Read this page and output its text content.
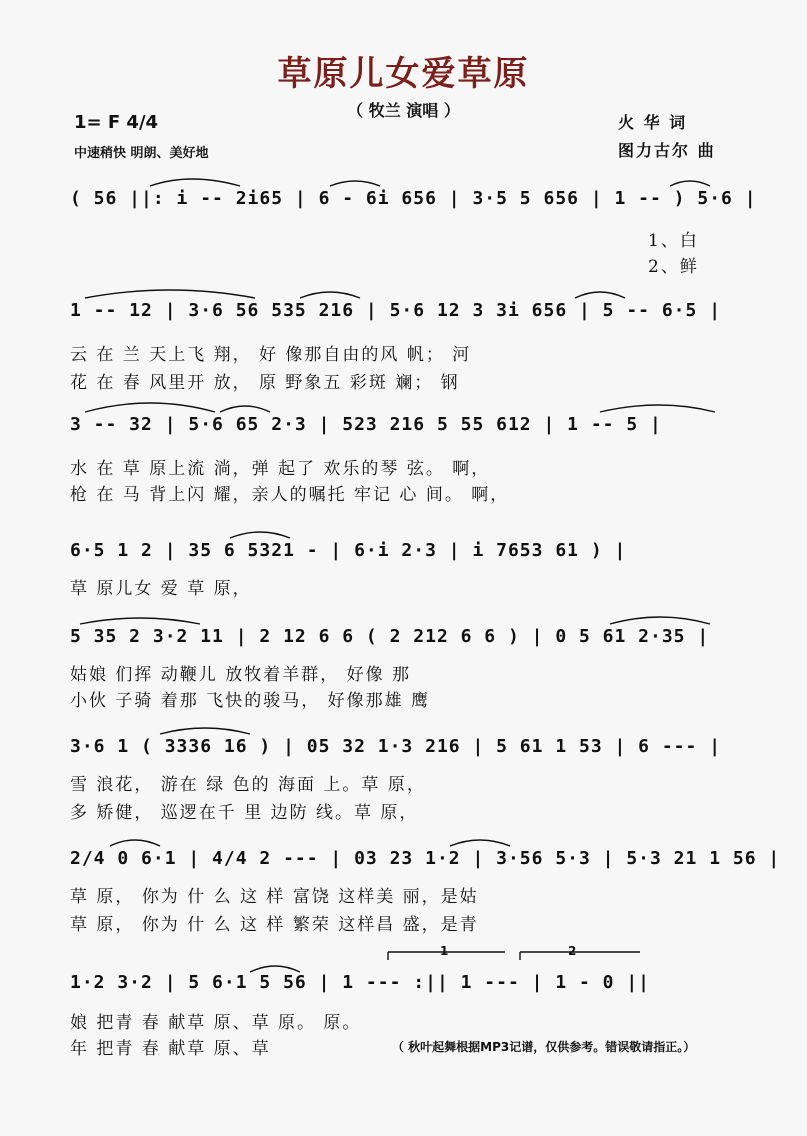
草原儿女爱草原
（ 牧兰 演唱 ）
1= F 4/4
中速稍快 明朗、美好地
火 华 词
图力古尔 曲
( 56 ||: i -- 2i65 | 6 - 6i 656 | 3·5 5 656 | 1 -- ) 5·6 |
1、白
2、鲜
1 -- 12 | 3·6 56 535 216 | 5·6 12 3 3i 656 | 5 -- 6·5 |
云 在 兰 天上飞 翔， 好 像那自由的风 帆； 河
花 在 春 风里开 放， 原 野象五 彩斑 斓； 钢
3 -- 32 | 5·6 65 2·3 | 523 216 5 55 612 | 1 -- 5 |
水 在 草 原上流 淌，弹 起了 欢乐的琴 弦。 啊，
枪 在 马 背上闪 耀，亲人的嘱托 牢记 心 间。 啊，
6·5 1 2 | 35 6 5321 - | 6·i 2·3 | i 7653 61 ) |
草 原儿女 爱 草 原，
5 35 2 3·2 11 | 2 12 6 6 ( 2 212 6 6 ) | 0 5 61 2·35 |
姑娘 们挥 动鞭儿 放牧着羊群， 好像 那
小伙 子骑 着那 飞快的骏马， 好像那雄 鹰
3·6 1 ( 3336 16 ) | 05 32 1·3 216 | 5 61 1 53 | 6 --- |
雪 浪花， 游在 绿 色的 海面 上。草 原，
多 矫健， 巡逻在千 里 边防 线。草 原，
2/4 0 6·1 | 4/4 2 --- | 03 23 1·2 | 3·56 5·3 | 5·3 21 1 56 |
草 原， 你为 什 么 这 样 富饶 这样美 丽，是姑
草 原， 你为 什 么 这 样 繁荣 这样昌 盛，是青
1	2
1·2 3·2 | 5 6·1 5 56 | 1 --- :|| 1 --- | 1 - 0 ||
娘 把青 春 献草 原、草 原。 原。
年 把青 春 献草 原、草	（ 秋叶起舞根据MP3记谱，仅供参考。错误敬请指正。）
